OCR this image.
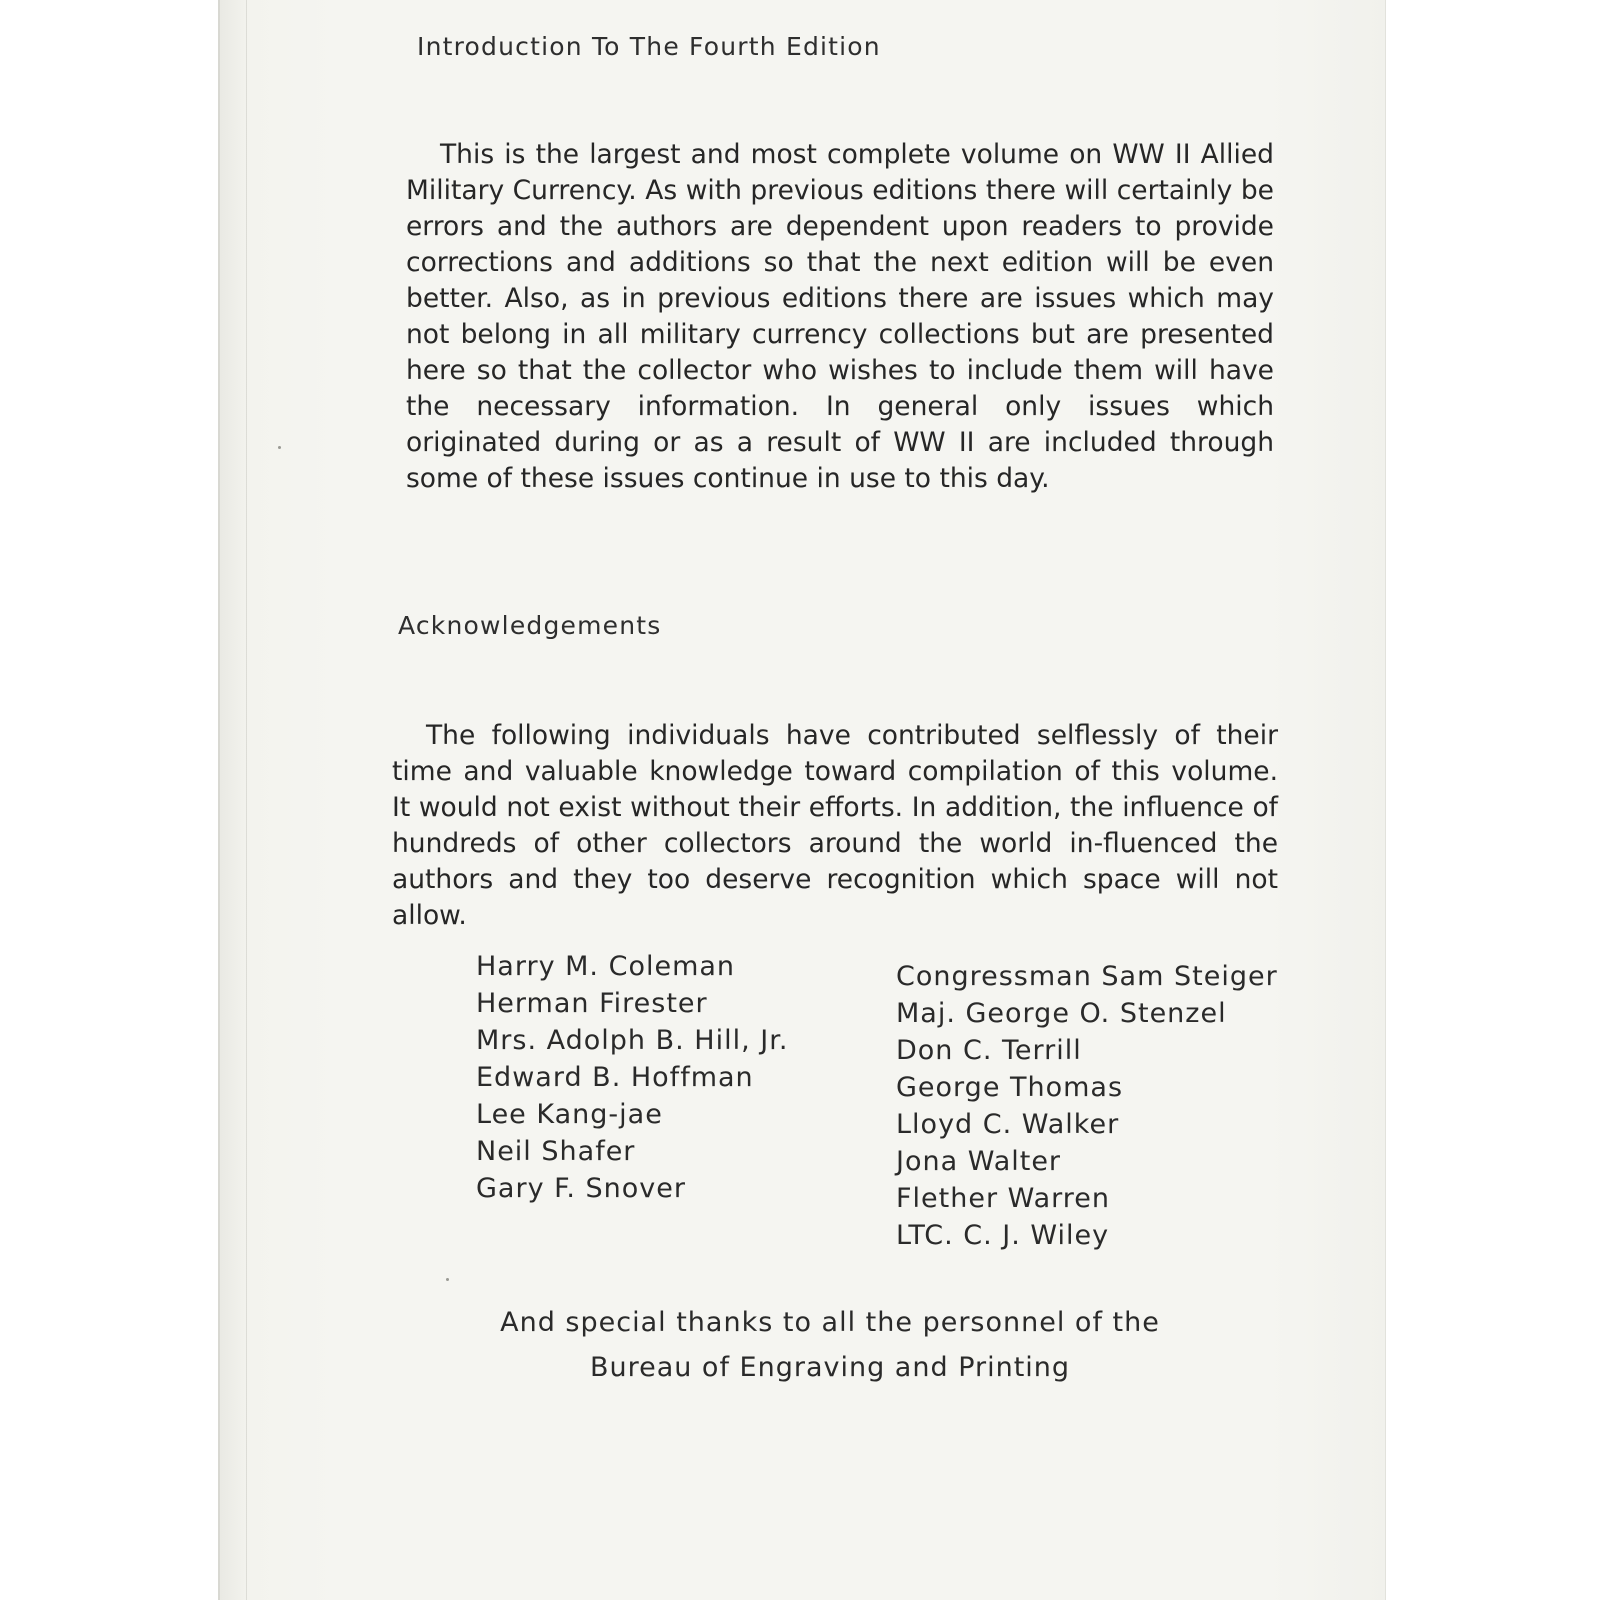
Introduction To The Fourth Edition

This is the largest and most complete volume on WW II Allied Military Currency. As with previous editions there will certainly be errors and the authors are dependent upon readers to provide corrections and additions so that the next edition will be even better. Also, as in previous editions there are issues which may not belong in all military currency collections but are presented here so that the collector who wishes to include them will have the necessary information. In general only issues which originated during or as a result of WW II are included through some of these issues continue in use to this day.

Acknowledgements

The following individuals have contributed selflessly of their time and valuable knowledge toward compilation of this volume. It would not exist without their efforts. In addition, the influence of hundreds of other collectors around the world in-fluenced the authors and they too deserve recognition which space will not allow.

Harry M. Coleman
Herman Firester
Mrs. Adolph B. Hill, Jr.
Edward B. Hoffman
Lee Kang-jae
Neil Shafer
Gary F. Snover
Congressman Sam Steiger
Maj. George O. Stenzel
Don C. Terrill
George Thomas
Lloyd C. Walker
Jona Walter
Flether Warren
LTC. C. J. Wiley
And special thanks to all the personnel of the
Bureau of Engraving and Printing
